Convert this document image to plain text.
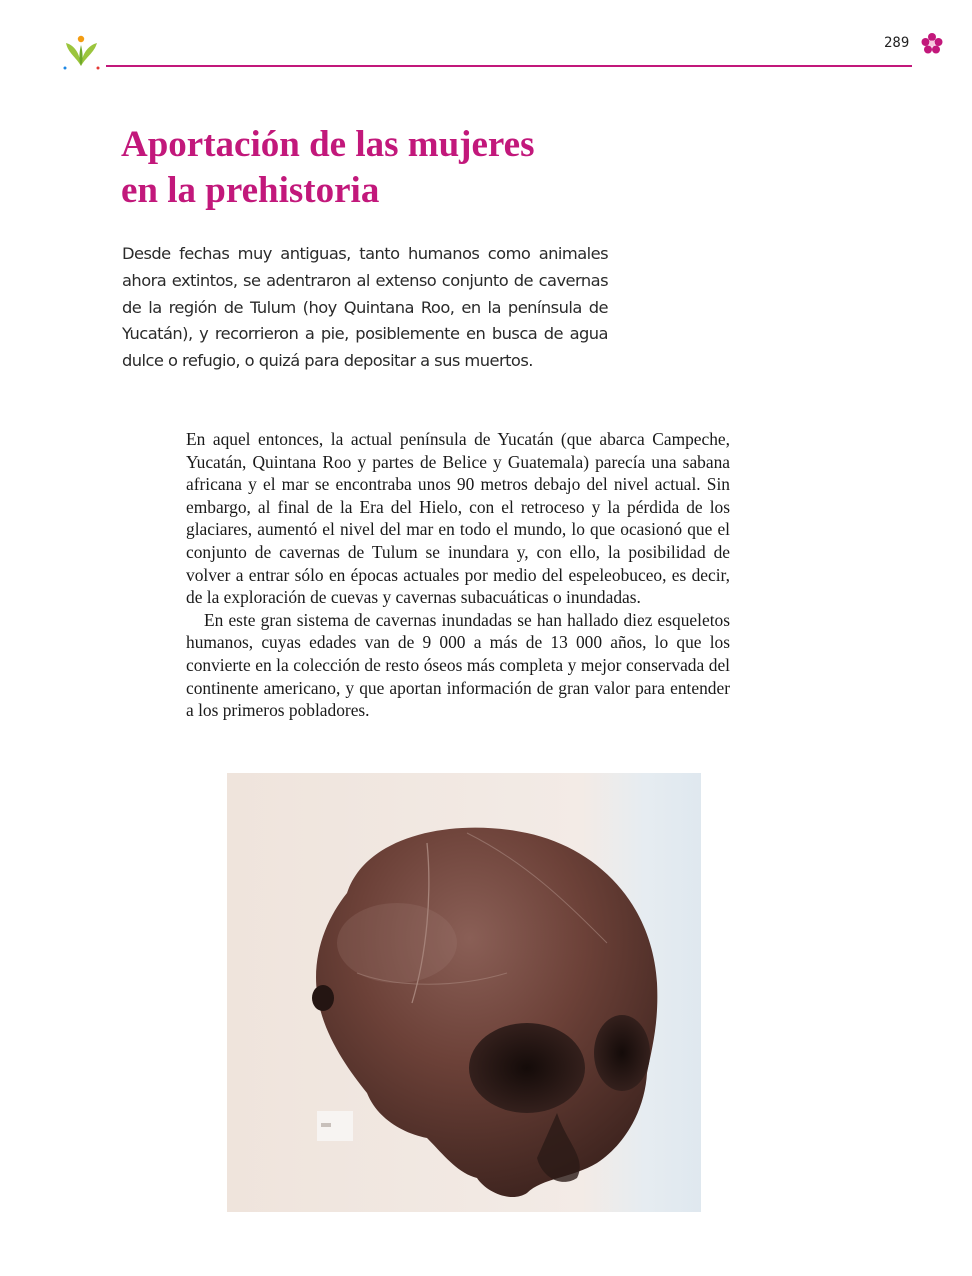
289
Aportación de las mujeres
en la prehistoria

Desde fechas muy antiguas, tanto humanos como animales ahora extintos, se adentraron al extenso conjunto de cavernas de la región de Tulum (hoy Quintana Roo, en la península de Yucatán), y recorrieron a pie, posiblemente en busca de agua dulce o refugio, o quizá para depositar a sus muertos.

En aquel entonces, la actual península de Yucatán (que abarca Campeche, Yucatán, Quintana Roo y partes de Belice y Guatemala) parecía una sabana africana y el mar se encontraba unos 90 metros debajo del nivel actual. Sin embargo, al final de la Era del Hielo, con el retroceso y la pérdida de los glaciares, aumentó el nivel del mar en todo el mundo, lo que ocasionó que el conjunto de cavernas de Tulum se inundara y, con ello, la posibilidad de volver a entrar sólo en épocas actuales por medio del espeleobuceo, es decir, de la exploración de cuevas y cavernas subacuáticas o inundadas.

En este gran sistema de cavernas inundadas se han hallado diez esqueletos humanos, cuyas edades van de 9 000 a más de 13 000 años, lo que los convierte en la colección de resto óseos más completa y mejor conservada del continente americano, y que aportan información de gran valor para entender a los primeros pobladores.
